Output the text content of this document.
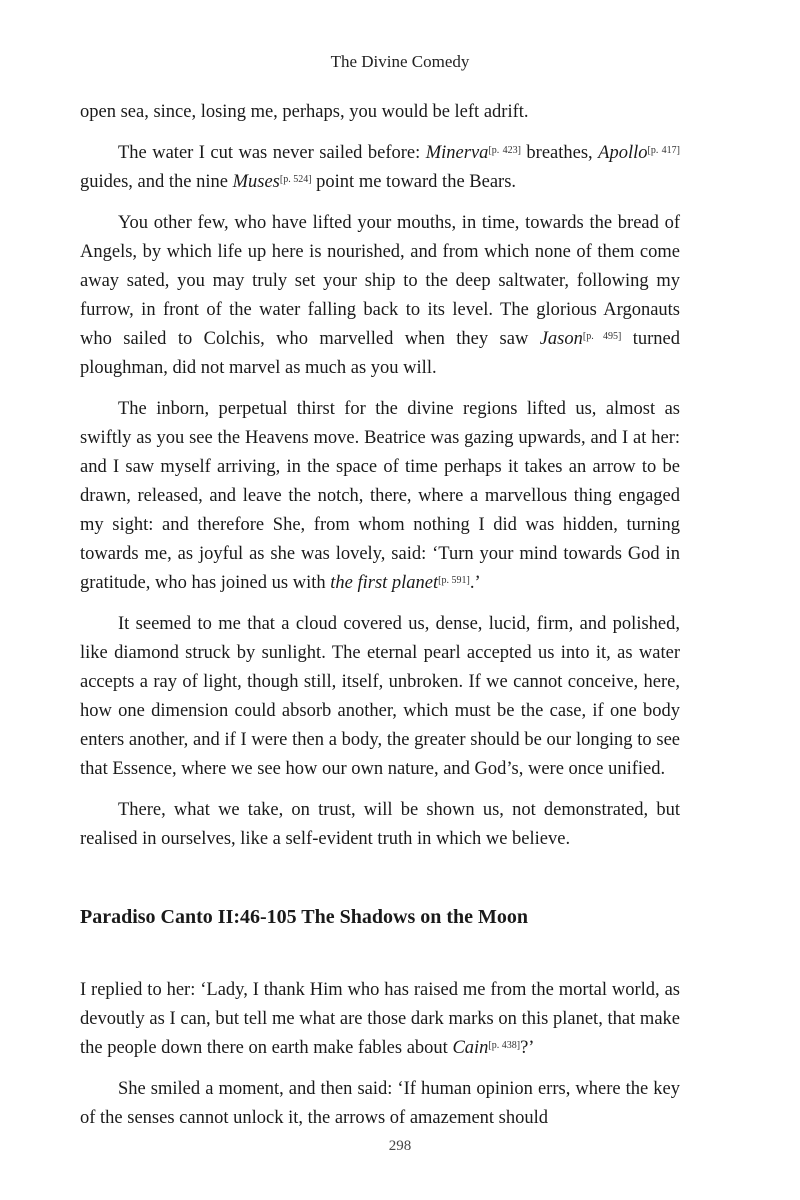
The Divine Comedy

open sea, since, losing me, perhaps, you would be left adrift.

The water I cut was never sailed before: Minerva[p. 423] breathes, Apollo[p. 417] guides, and the nine Muses[p. 524] point me toward the Bears.

You other few, who have lifted your mouths, in time, towards the bread of Angels, by which life up here is nourished, and from which none of them come away sated, you may truly set your ship to the deep saltwater, following my furrow, in front of the water falling back to its level. The glorious Argonauts who sailed to Colchis, who marvelled when they saw Jason[p. 495] turned ploughman, did not marvel as much as you will.

The inborn, perpetual thirst for the divine regions lifted us, almost as swiftly as you see the Heavens move. Beatrice was gazing upwards, and I at her: and I saw myself arriving, in the space of time perhaps it takes an arrow to be drawn, released, and leave the notch, there, where a marvellous thing engaged my sight: and therefore She, from whom nothing I did was hidden, turning towards me, as joyful as she was lovely, said: ‘Turn your mind towards God in gratitude, who has joined us with the first planet[p. 591].’

It seemed to me that a cloud covered us, dense, lucid, firm, and polished, like diamond struck by sunlight. The eternal pearl accepted us into it, as water accepts a ray of light, though still, itself, unbroken. If we cannot conceive, here, how one dimension could absorb another, which must be the case, if one body enters another, and if I were then a body, the greater should be our longing to see that Essence, where we see how our own nature, and God’s, were once unified.

There, what we take, on trust, will be shown us, not demonstrated, but realised in ourselves, like a self-evident truth in which we believe.

Paradiso Canto II:46-105 The Shadows on the Moon

I replied to her: ‘Lady, I thank Him who has raised me from the mortal world, as devoutly as I can, but tell me what are those dark marks on this planet, that make the people down there on earth make fables about Cain[p. 438]?’

She smiled a moment, and then said: ‘If human opinion errs, where the key of the senses cannot unlock it, the arrows of amazement should

298
